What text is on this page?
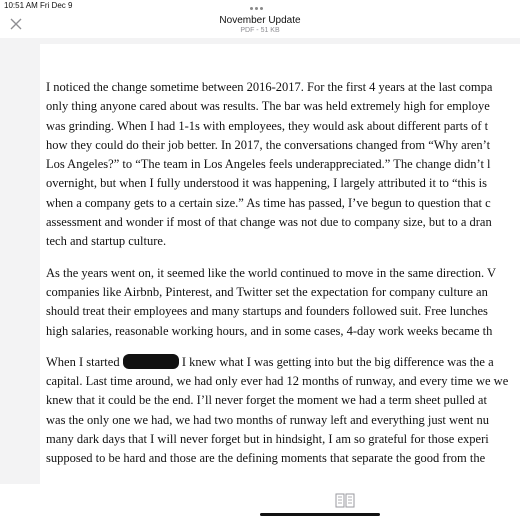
10:51 AM Fri Dec 9
November Update
PDF - 51 KB
I noticed the change sometime between 2016-2017. For the first 4 years at the last compa
only thing anyone cared about was results. The bar was held extremely high for employe
was grinding. When I had 1-1s with employees, they would ask about different parts of t
how they could do their job better. In 2017, the conversations changed from “Why aren’t
Los Angeles?” to “The team in Los Angeles feels underappreciated.” The change didn’t l
overnight, but when I fully understood it was happening, I largely attributed it to “this is
when a company gets to a certain size.” As time has passed, I’ve begun to question that c
assessment and wonder if most of that change was not due to company size, but to a dran
tech and startup culture.
As the years went on, it seemed like the world continued to move in the same direction. V
companies like Airbnb, Pinterest, and Twitter set the expectation for company culture an
should treat their employees and many startups and founders followed suit. Free lunches
high salaries, reasonable working hours, and in some cases, 4-day work weeks became th
When I started	I knew what I was getting into but the big difference was the a
capital. Last time around, we had only ever had 12 months of runway, and every time we we
knew that it could be the end. I’ll never forget the moment we had a term sheet pulled at
was the only one we had, we had two months of runway left and everything just went nu
many dark days that I will never forget but in hindsight, I am so grateful for those experi
supposed to be hard and those are the defining moments that separate the good from the
